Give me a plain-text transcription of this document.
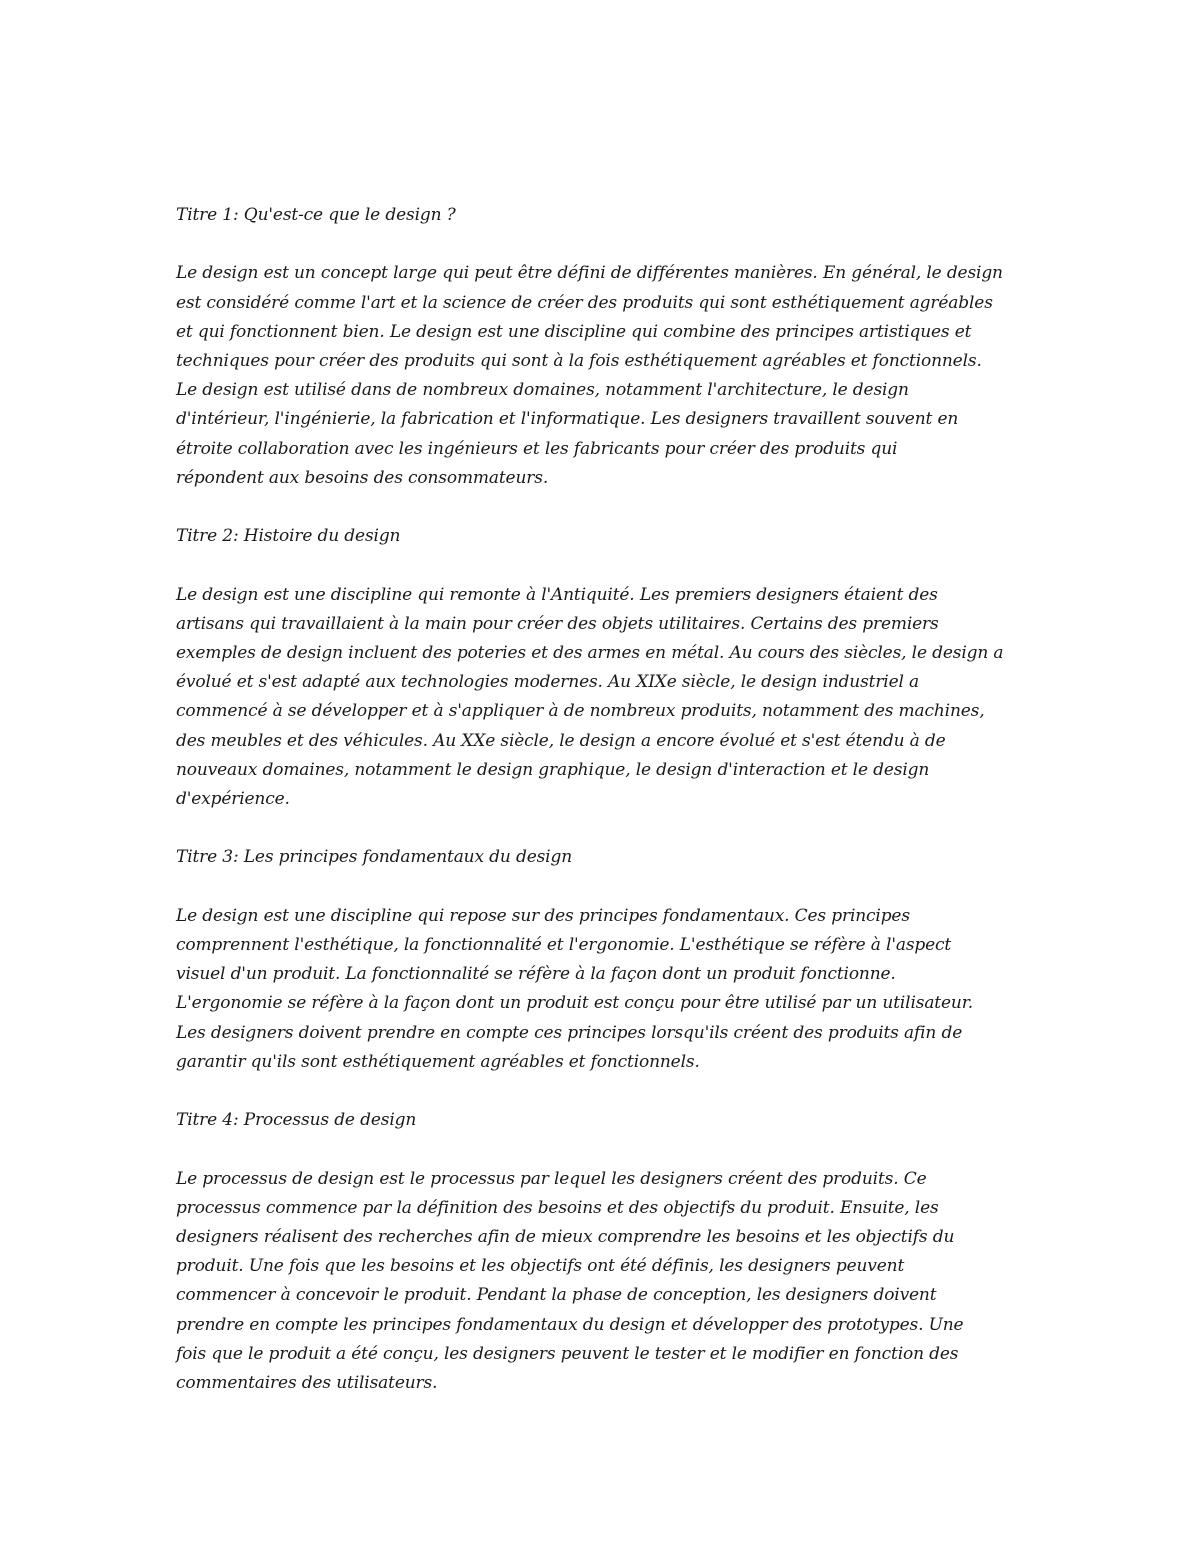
Titre 1: Qu'est-ce que le design ?
Le design est un concept large qui peut être défini de différentes manières. En général, le design
est considéré comme l'art et la science de créer des produits qui sont esthétiquement agréables
et qui fonctionnent bien. Le design est une discipline qui combine des principes artistiques et
techniques pour créer des produits qui sont à la fois esthétiquement agréables et fonctionnels.
Le design est utilisé dans de nombreux domaines, notamment l'architecture, le design
d'intérieur, l'ingénierie, la fabrication et l'informatique. Les designers travaillent souvent en
étroite collaboration avec les ingénieurs et les fabricants pour créer des produits qui
répondent aux besoins des consommateurs.
Titre 2: Histoire du design
Le design est une discipline qui remonte à l'Antiquité. Les premiers designers étaient des
artisans qui travaillaient à la main pour créer des objets utilitaires. Certains des premiers
exemples de design incluent des poteries et des armes en métal. Au cours des siècles, le design a
évolué et s'est adapté aux technologies modernes. Au XIXe siècle, le design industriel a
commencé à se développer et à s'appliquer à de nombreux produits, notamment des machines,
des meubles et des véhicules. Au XXe siècle, le design a encore évolué et s'est étendu à de
nouveaux domaines, notamment le design graphique, le design d'interaction et le design
d'expérience.
Titre 3: Les principes fondamentaux du design
Le design est une discipline qui repose sur des principes fondamentaux. Ces principes
comprennent l'esthétique, la fonctionnalité et l'ergonomie. L'esthétique se réfère à l'aspect
visuel d'un produit. La fonctionnalité se réfère à la façon dont un produit fonctionne.
L'ergonomie se réfère à la façon dont un produit est conçu pour être utilisé par un utilisateur.
Les designers doivent prendre en compte ces principes lorsqu'ils créent des produits afin de
garantir qu'ils sont esthétiquement agréables et fonctionnels.
Titre 4: Processus de design
Le processus de design est le processus par lequel les designers créent des produits. Ce
processus commence par la définition des besoins et des objectifs du produit. Ensuite, les
designers réalisent des recherches afin de mieux comprendre les besoins et les objectifs du
produit. Une fois que les besoins et les objectifs ont été définis, les designers peuvent
commencer à concevoir le produit. Pendant la phase de conception, les designers doivent
prendre en compte les principes fondamentaux du design et développer des prototypes. Une
fois que le produit a été conçu, les designers peuvent le tester et le modifier en fonction des
commentaires des utilisateurs.
